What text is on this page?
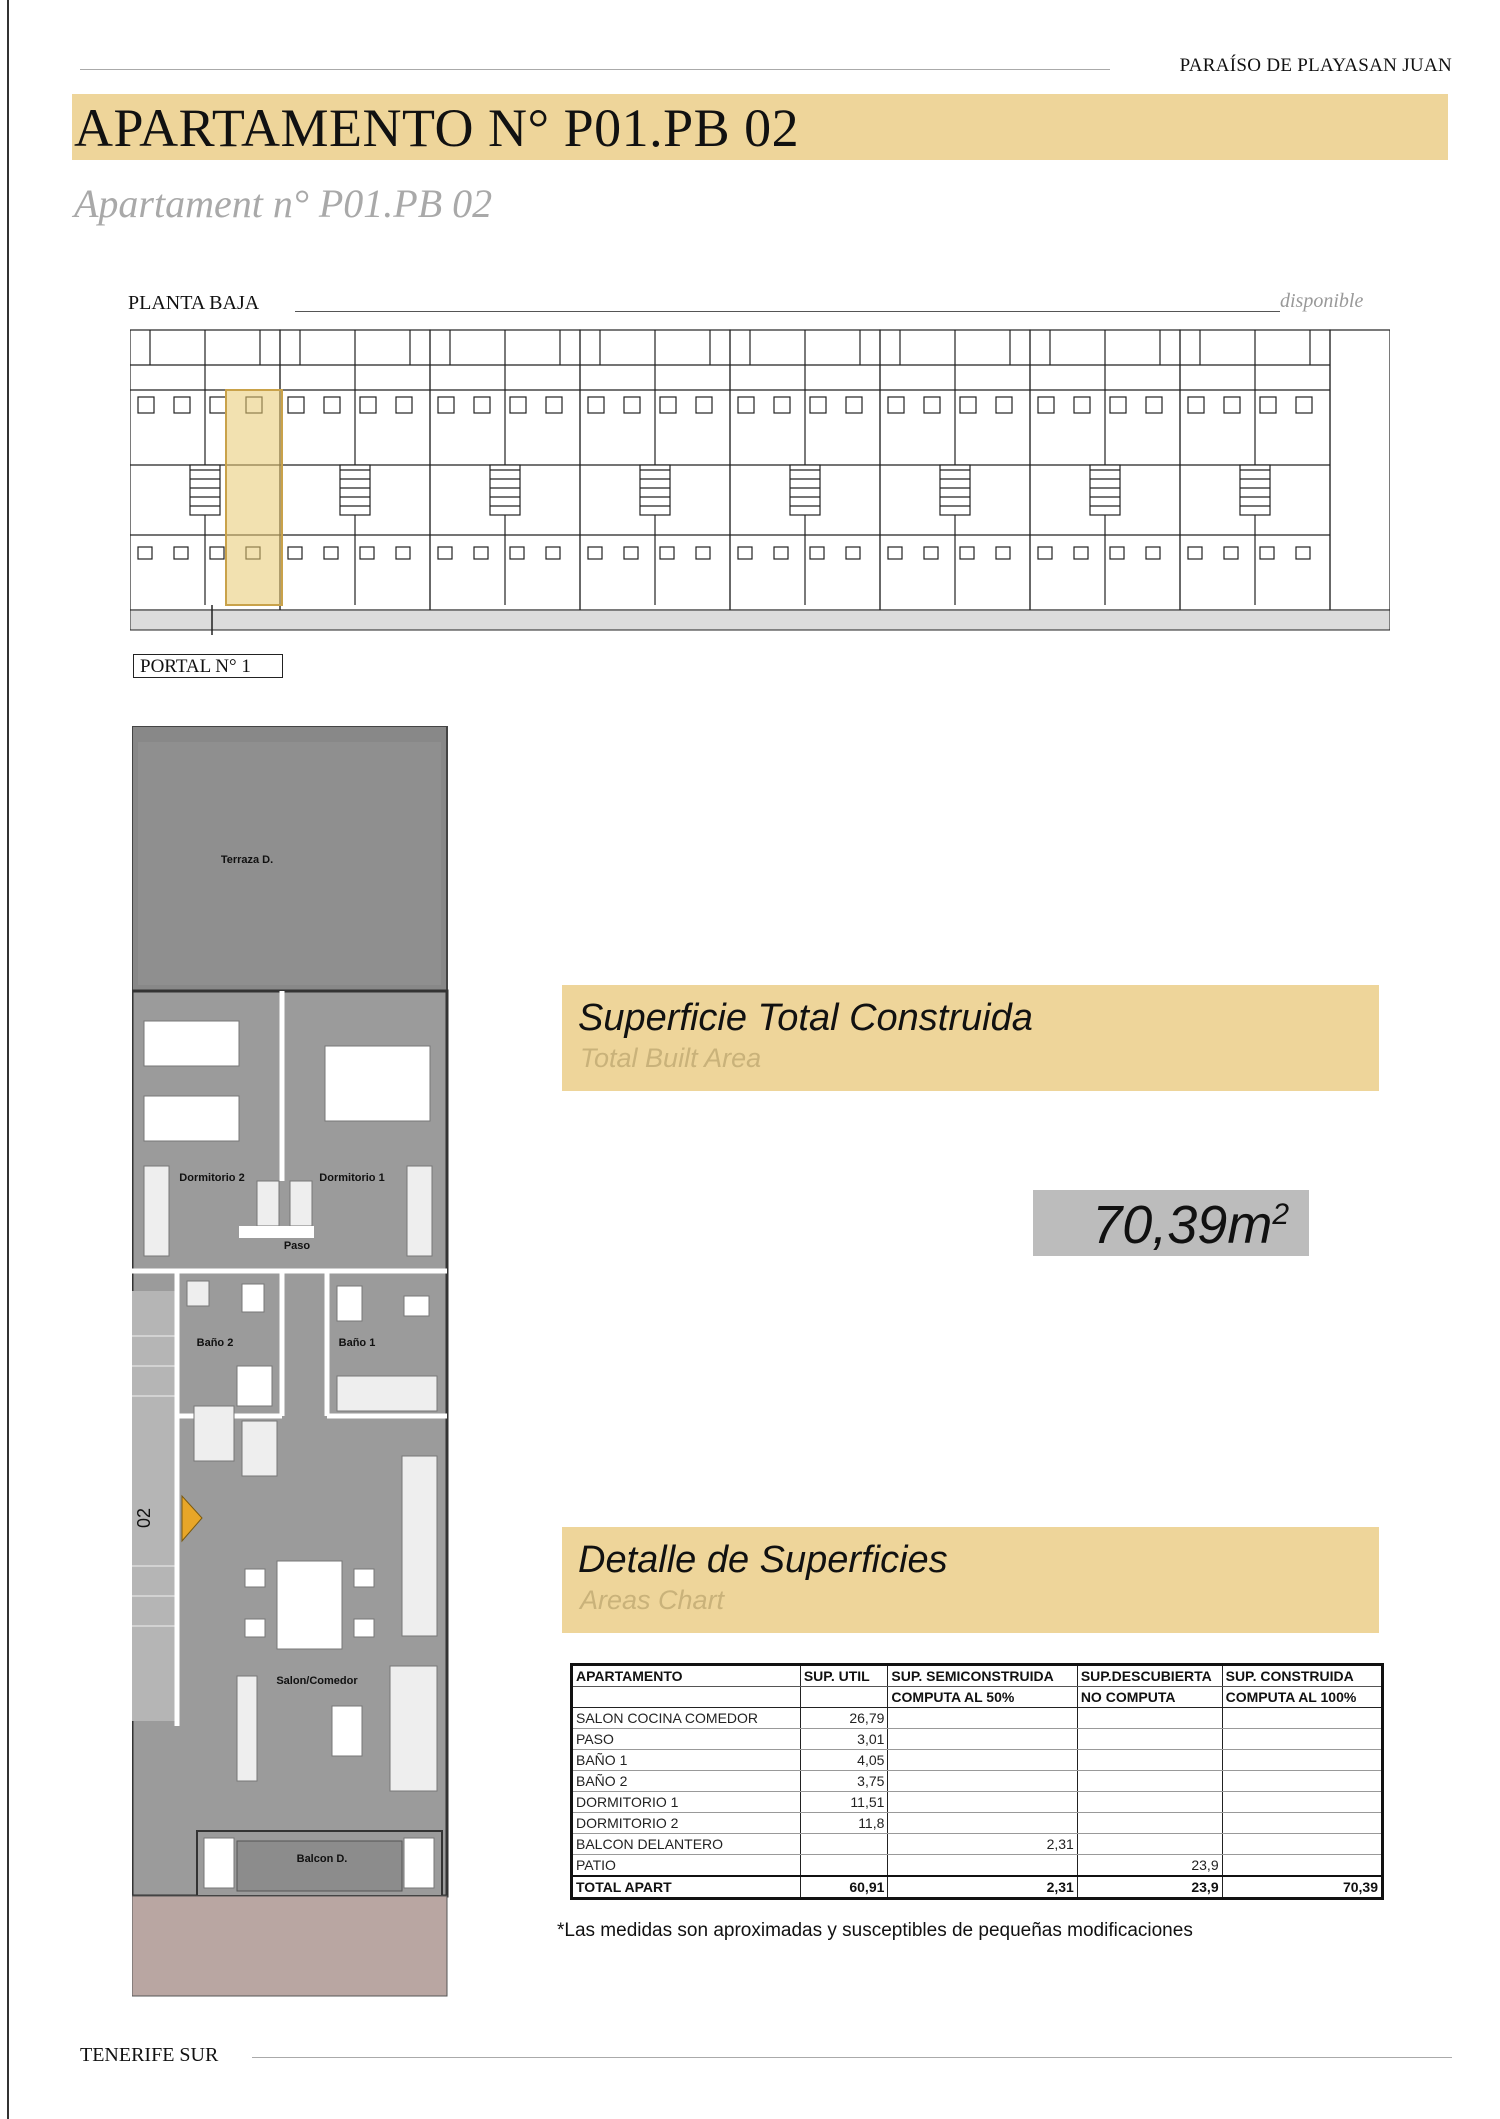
PARAÍSO DE PLAYASAN JUAN
APARTAMENTO N° P01.PB 02
Apartament n° P01.PB 02
PLANTA BAJA	disponible
PORTAL N° 1
02
Terraza D.
Dormitorio 2	Dormitorio 1
Paso
Baño 2	Baño 1
Salon/Comedor
Balcon D.
Superficie Total Construida
Total Built Area
$70,39m^2$
Detalle de Superficies
Areas Chart
APARTAMENTO	SUP. UTIL	SUP. SEMICONSTRUIDA	SUP.DESCUBIERTA	SUP. CONSTRUIDA
		COMPUTA AL 50%	NO COMPUTA	COMPUTA AL 100%
SALON COCINA COMEDOR	26,79			
PASO	3,01			
BAÑO 1	4,05			
BAÑO 2	3,75			
DORMITORIO 1	11,51			
DORMITORIO 2	11,8			
BALCON DELANTERO		2,31		
PATIO			23,9	
TOTAL APART	60,91	2,31	23,9	70,39
*Las medidas son aproximadas y susceptibles de pequeñas modificaciones
TENERIFE SUR
